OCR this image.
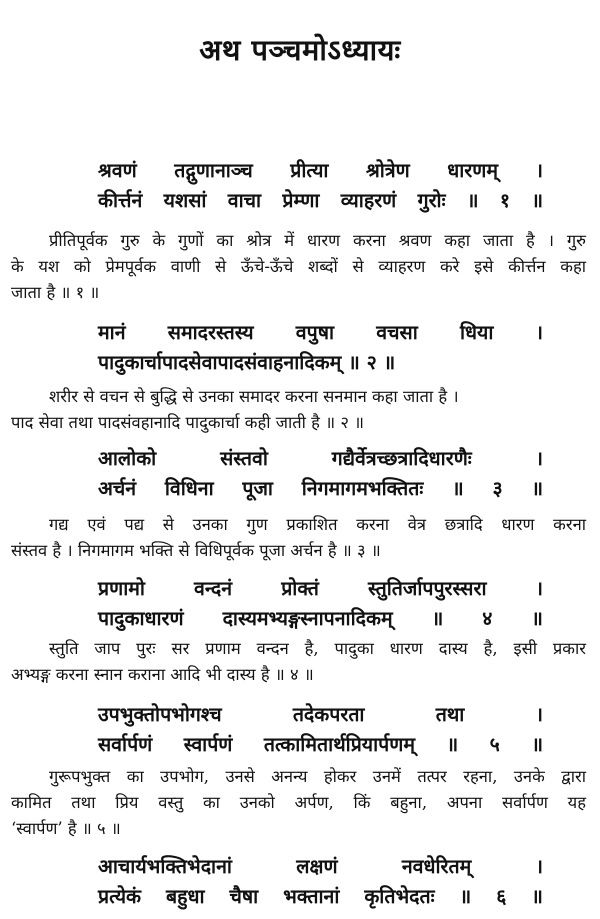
अथ पञ्चमोऽध्यायः
श्रवणं तद्गुणानाञ्च प्रीत्या श्रोत्रेण धारणम् ।
कीर्त्तनं यशसां वाचा प्रेम्णा व्याहरणं गुरोः ॥ १ ॥
प्रीतिपूर्वक गुरु के गुणों का श्रोत्र में धारण करना श्रवण कहा जाता है । गुरु
के यश को प्रेमपूर्वक वाणी से ऊँचे-ऊँचे शब्दों से व्याहरण करे इसे कीर्त्तन कहा
जाता है ॥ १ ॥
मानं समादरस्तस्य वपुषा वचसा धिया ।
पादुकार्चापादसेवापादसंवाहनादिकम् ॥ २ ॥
शरीर से वचन से बुद्धि से उनका समादर करना सनमान कहा जाता है ।
पाद सेवा तथा पादसंवहानादि पादुकार्चा कही जाती है ॥ २ ॥
आलोको संस्तवो गद्यैर्वेत्रच्छत्रादिधारणैः ।
अर्चनं विधिना पूजा निगमागमभक्तितः ॥ ३ ॥
गद्य एवं पद्य से उनका गुण प्रकाशित करना वेत्र छत्रादि धारण करना
संस्तव है । निगमागम भक्ति से विधिपूर्वक पूजा अर्चन है ॥ ३ ॥
प्रणामो वन्दनं प्रोक्तं स्तुतिर्जापपुरस्सरा ।
पादुकाधारणं दास्यमभ्यङ्गस्नापनादिकम् ॥ ४ ॥
स्तुति जाप पुरः सर प्रणाम वन्दन है, पादुका धारण दास्य है, इसी प्रकार
अभ्यङ्ग करना स्नान कराना आदि भी दास्य है ॥ ४ ॥
उपभुक्तोपभोगश्च तदेकपरता तथा ।
सर्वार्पणं स्वार्पणं तत्कामितार्थप्रियार्पणम् ॥ ५ ॥
गुरूपभुक्त का उपभोग, उनसे अनन्य होकर उनमें तत्पर रहना, उनके द्वारा
कामित तथा प्रिय वस्तु का उनको अर्पण, किं बहुना, अपना सर्वार्पण यह
‘स्वार्पण’ है ॥ ५ ॥
आचार्यभक्तिभेदानां लक्षणं नवधेरितम् ।
प्रत्येकं बहुधा चैषा भक्तानां कृतिभेदतः ॥ ६ ॥
